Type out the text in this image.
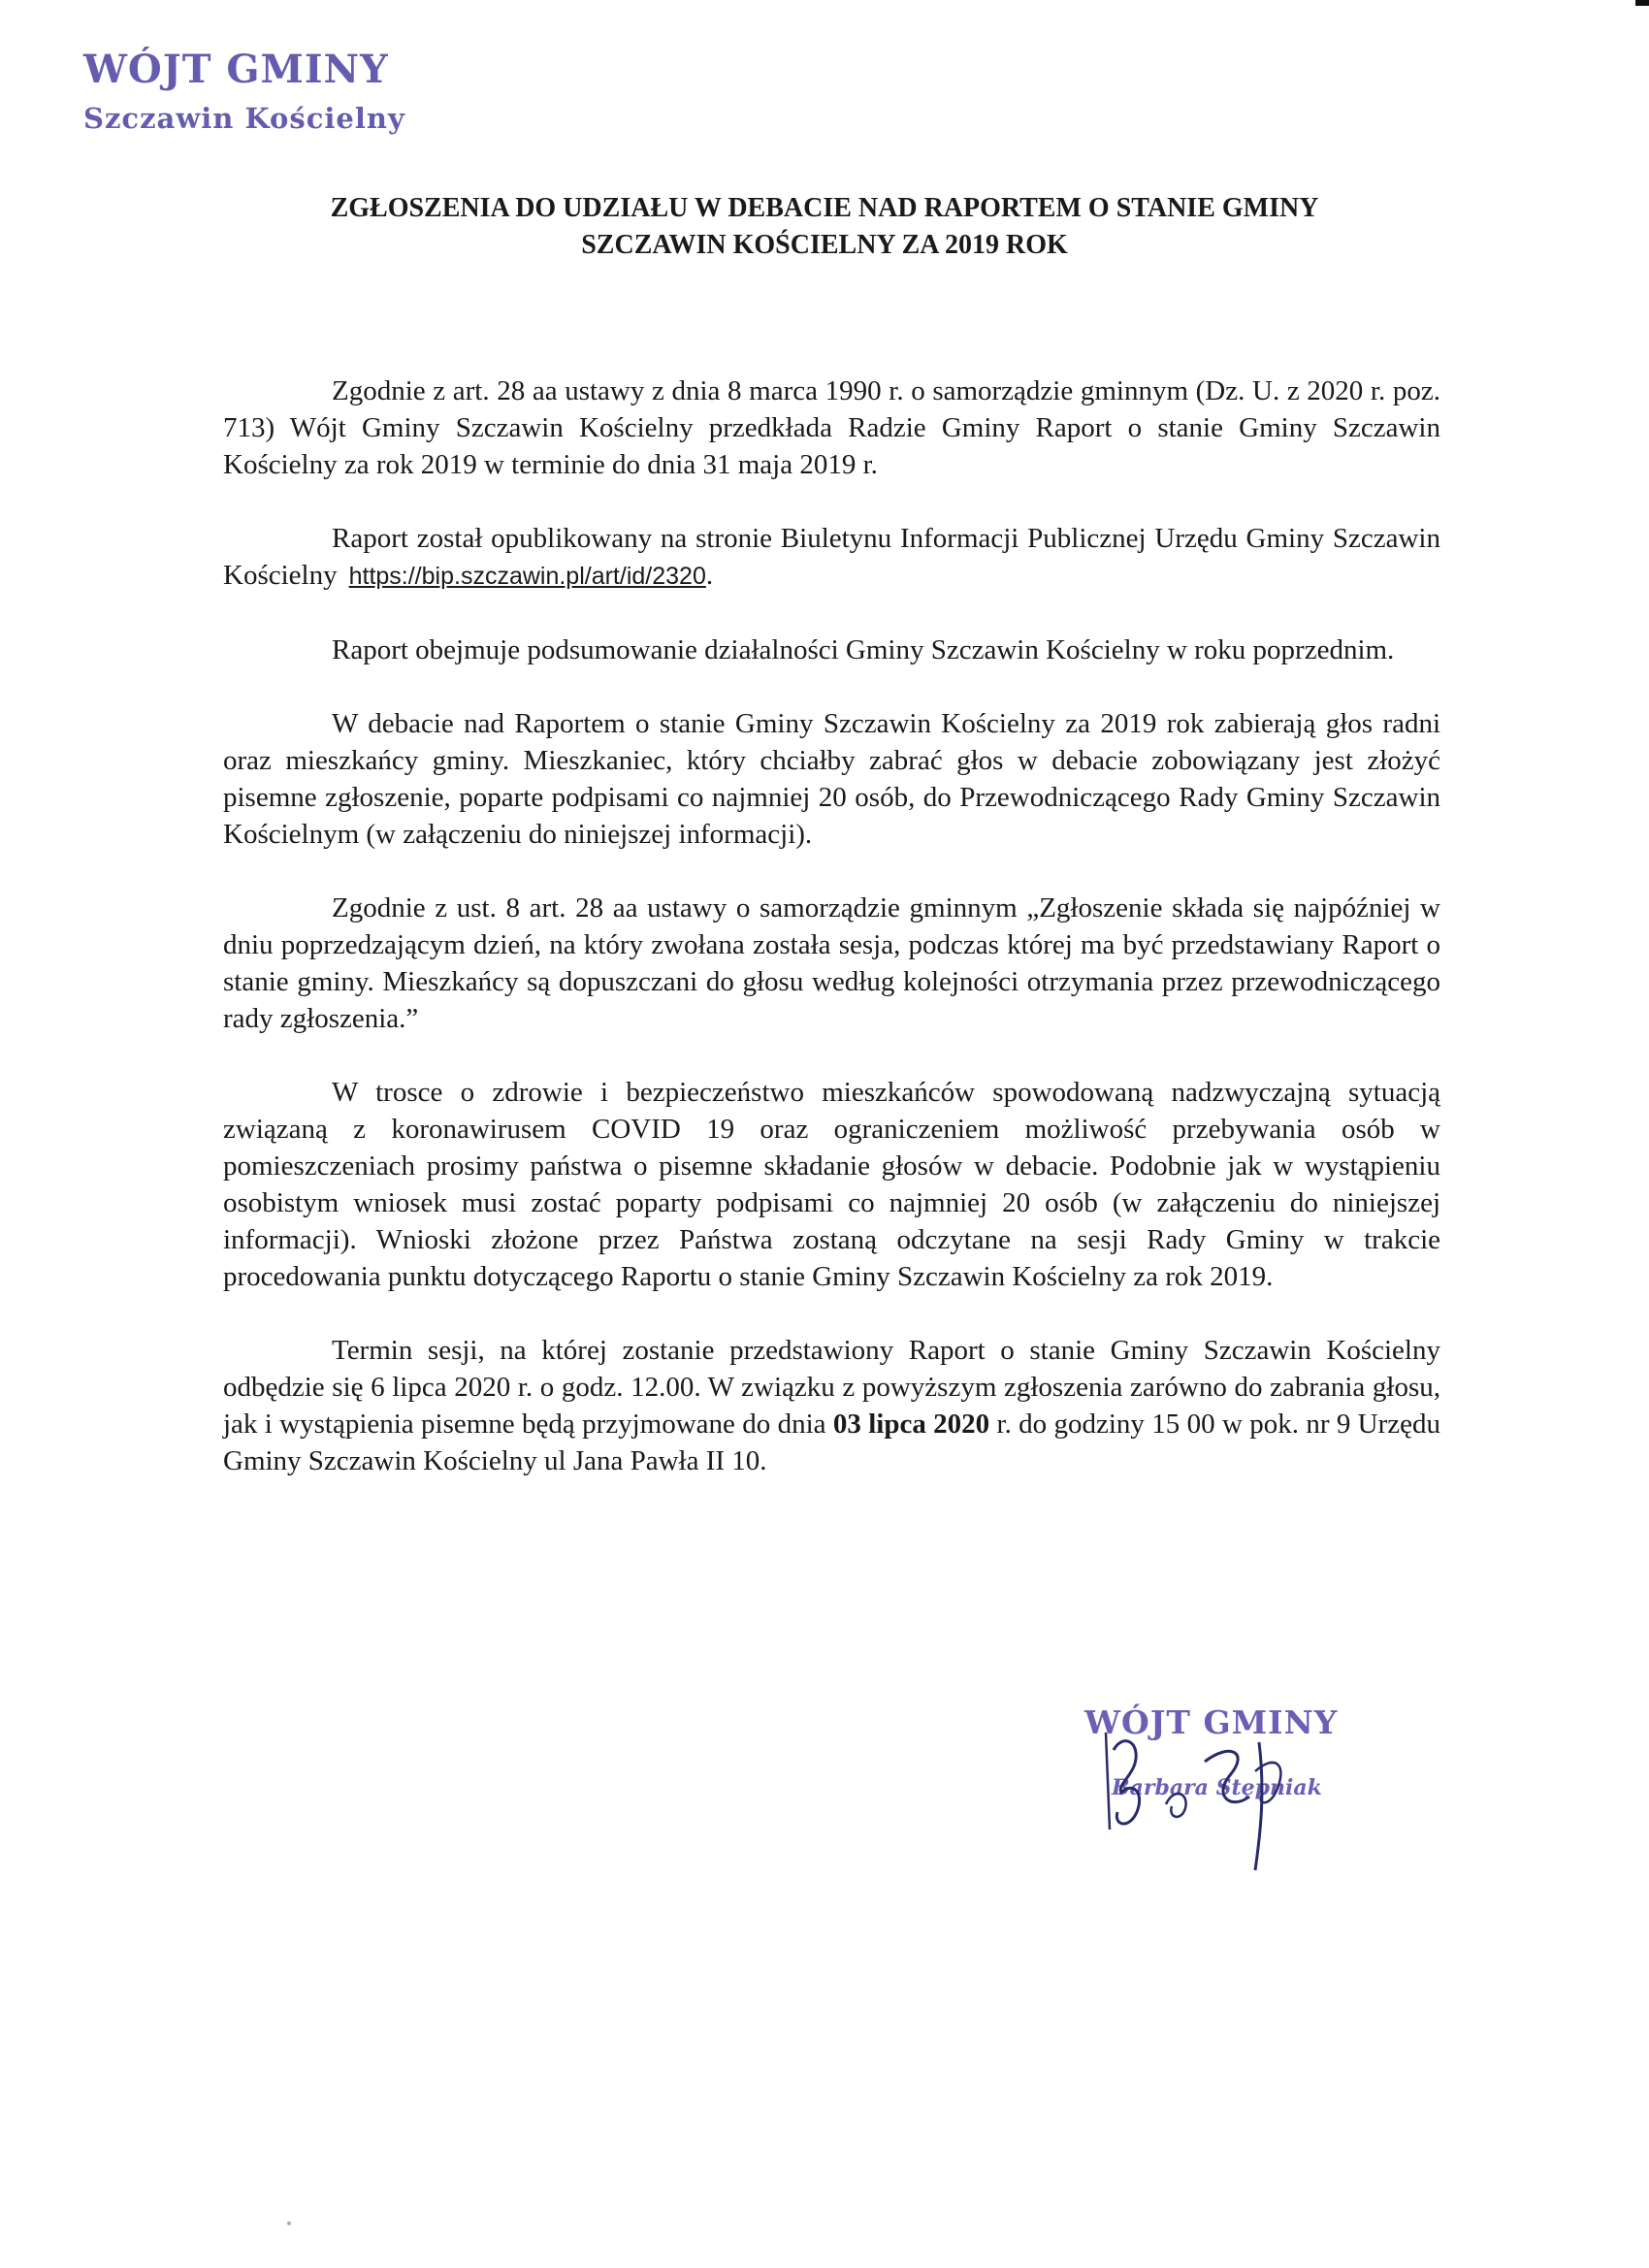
WÓJT GMINY
Szczawin Kościelny
ZGŁOSZENIA DO UDZIAŁU W DEBACIE NAD RAPORTEM O STANIE GMINY
SZCZAWIN KOŚCIELNY ZA 2019 ROK

Zgodnie z art. 28 aa ustawy z dnia 8 marca 1990 r. o samorządzie gminnym (Dz. U. z 2020 r. poz. 713) Wójt Gminy Szczawin Kościelny przedkłada Radzie Gminy Raport o stanie Gminy Szczawin Kościelny za rok 2019 w terminie do dnia 31 maja 2019 r.

Raport został opublikowany na stronie Biuletynu Informacji Publicznej Urzędu Gminy Szczawin Kościelny https://bip.szczawin.pl/art/id/2320.

Raport obejmuje podsumowanie działalności Gminy Szczawin Kościelny w roku poprzednim.

W debacie nad Raportem o stanie Gminy Szczawin Kościelny za 2019 rok zabierają głos radni oraz mieszkańcy gminy. Mieszkaniec, który chciałby zabrać głos w debacie zobowiązany jest złożyć pisemne zgłoszenie, poparte podpisami co najmniej 20 osób, do Przewodniczącego Rady Gminy Szczawin Kościelnym (w załączeniu do niniejszej informacji).

Zgodnie z ust. 8 art. 28 aa ustawy o samorządzie gminnym „Zgłoszenie składa się najpóźniej w dniu poprzedzającym dzień, na który zwołana została sesja, podczas której ma być przedstawiany Raport o stanie gminy. Mieszkańcy są dopuszczani do głosu według kolejności otrzymania przez przewodniczącego rady zgłoszenia.”

W trosce o zdrowie i bezpieczeństwo mieszkańców spowodowaną nadzwyczajną sytuacją związaną z koronawirusem COVID 19 oraz ograniczeniem możliwość przebywania osób w pomieszczeniach prosimy państwa o pisemne składanie głosów w debacie. Podobnie jak w wystąpieniu osobistym wniosek musi zostać poparty podpisami co najmniej 20 osób (w załączeniu do niniejszej informacji). Wnioski złożone przez Państwa zostaną odczytane na sesji Rady Gminy w trakcie procedowania punktu dotyczącego Raportu o stanie Gminy Szczawin Kościelny za rok 2019.

Termin sesji, na której zostanie przedstawiony Raport o stanie Gminy Szczawin Kościelny odbędzie się 6 lipca 2020 r. o godz. 12.00. W związku z powyższym zgłoszenia zarówno do zabrania głosu, jak i wystąpienia pisemne będą przyjmowane do dnia 03 lipca 2020 r. do godziny 15 00 w pok. nr 9 Urzędu Gminy Szczawin Kościelny ul Jana Pawła II 10.

WÓJT GMINY
Barbara Stępniak
